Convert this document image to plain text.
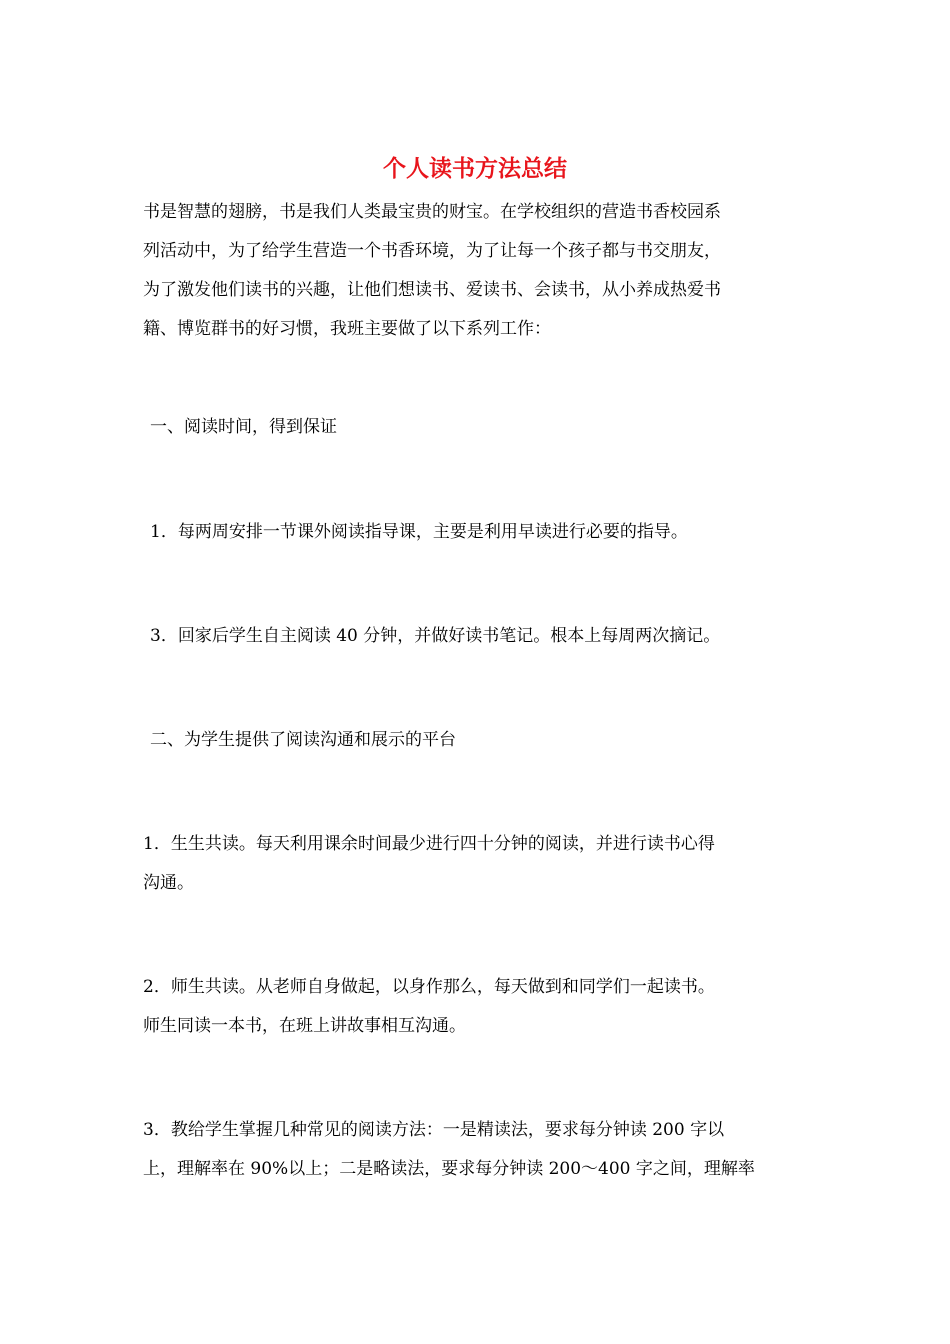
个人读书方法总结
书是智慧的翅膀，书是我们人类最宝贵的财宝。在学校组织的营造书香校园系
列活动中，为了给学生营造一个书香环境，为了让每一个孩子都与书交朋友，
为了激发他们读书的兴趣，让他们想读书、爱读书、会读书，从小养成热爱书
籍、博览群书的好习惯，我班主要做了以下系列工作：
一、阅读时间，得到保证
1．每两周安排一节课外阅读指导课，主要是利用早读进行必要的指导。
3．回家后学生自主阅读 40 分钟，并做好读书笔记。根本上每周两次摘记。
二、为学生提供了阅读沟通和展示的平台
1．生生共读。每天利用课余时间最少进行四十分钟的阅读，并进行读书心得
沟通。
2．师生共读。从老师自身做起，以身作那么，每天做到和同学们一起读书。
师生同读一本书，在班上讲故事相互沟通。
3．教给学生掌握几种常见的阅读方法：一是精读法，要求每分钟读 200 字以
上，理解率在 90%以上；二是略读法，要求每分钟读 200～400 字之间，理解率
